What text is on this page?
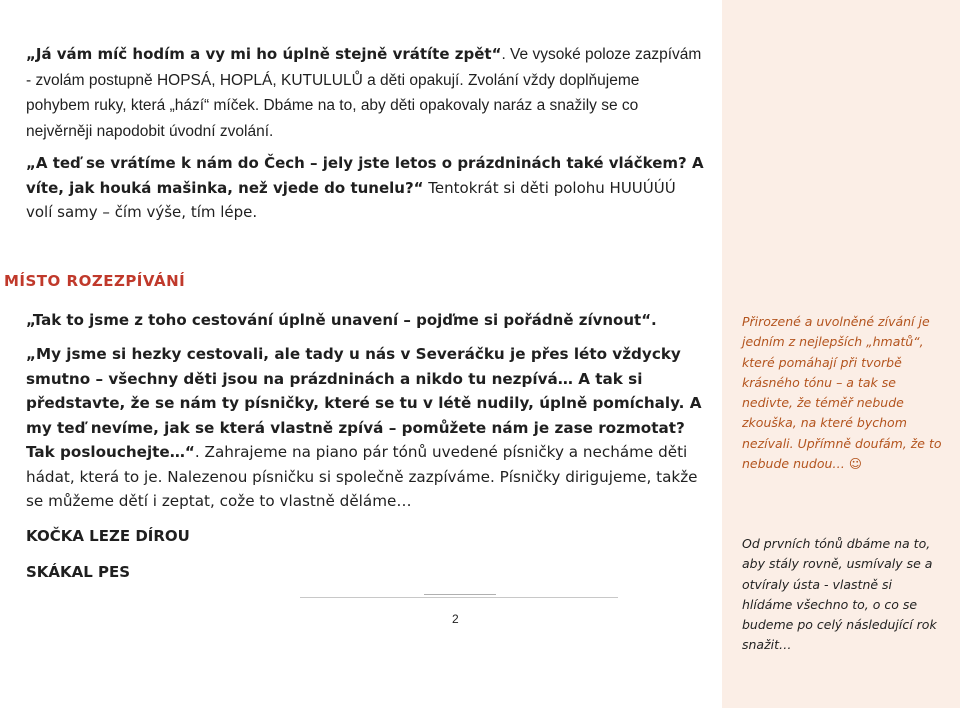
„Já vám míč hodím a vy mi ho úplně stejně vrátíte zpět“. Ve vysoké poloze zazpívám - zvolám postupně HOPSÁ, HOPLÁ, KUTULULŮ a děti opakují. Zvolání vždy doplňujeme pohybem ruky, která „hází“ míček. Dbáme na to, aby děti opakovaly naráz a snažily se co nejvěrněji napodobit úvodní zvolání.

„A teď se vrátíme k nám do Čech – jely jste letos o prázdninách také vláčkem? A víte, jak houká mašinka, než vjede do tunelu?“ Tentokrát si děti polohu HUUÚÚÚ volí samy – čím výše, tím lépe.

MÍSTO ROZEZPÍVÁNÍ

„Tak to jsme z toho cestování úplně unavení – pojďme si pořádně zívnout“.

„My jsme si hezky cestovali, ale tady u nás v Severáčku je přes léto vždycky smutno – všechny děti jsou na prázdninách a nikdo tu nezpívá… A tak si představte, že se nám ty písničky, které se tu v létě nudily, úplně pomíchaly. A my teď nevíme, jak se která vlastně zpívá – pomůžete nám je zase rozmotat? Tak poslouchejte…“. Zahrajeme na piano pár tónů uvedené písničky a necháme děti hádat, která to je. Nalezenou písničku si společně zazpíváme. Písničky dirigujeme, takže se můžeme dětí i zeptat, cože to vlastně děláme…

KOČKA LEZE DÍROU

SKÁKAL PES

2

Přirozené a uvolněné zívání je jedním z nejlepších „hmatů“, které pomáhají při tvorbě krásného tónu – a tak se nedivte, že téměř nebude zkouška, na které bychom nezívali. Upřímně doufám, že to nebude nudou… ☺

Od prvních tónů dbáme na to, aby stály rovně, usmívaly se a otvíraly ústa - vlastně si hlídáme všechno to, o co se budeme po celý následující rok snažit…
